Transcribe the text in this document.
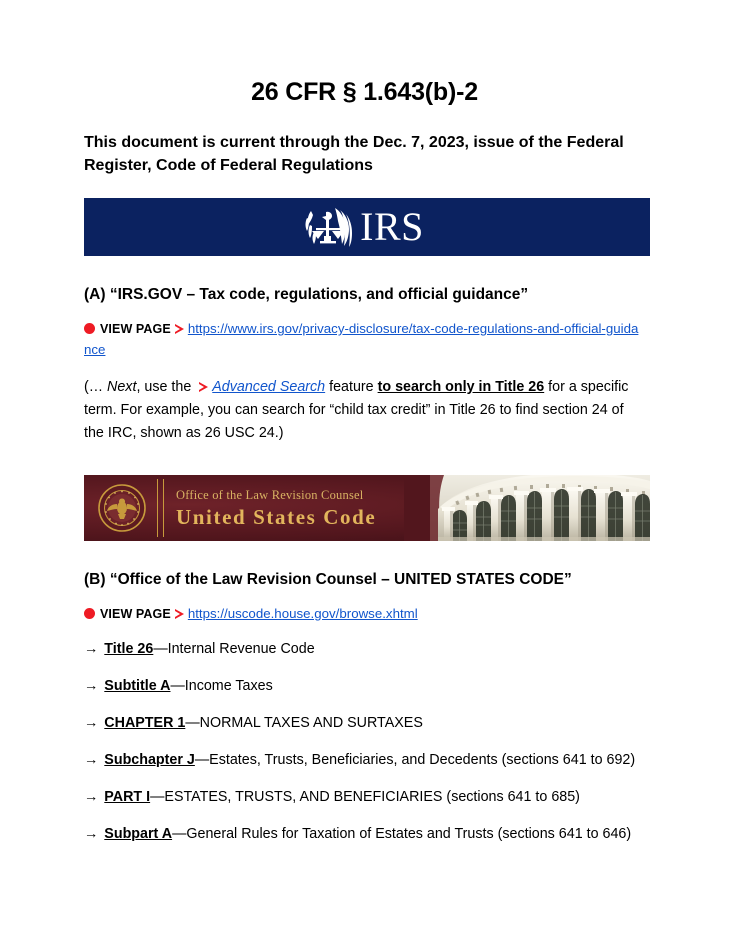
26 CFR § 1.643(b)-2

This document is current through the Dec. 7, 2023, issue of the Federal Register, Code of Federal Regulations

IRS
(A) “IRS.GOV – Tax code, regulations, and official guidance”

VIEW PAGE https://www.irs.gov/privacy-disclosure/tax-code-regulations-and-official-guidance

(… Next, use the Advanced Search feature to search only in Title 26 for a specific term. For example, you can search for “child tax credit” in Title 26 to find section 24 of the IRC, shown as 26 USC 24.)

Office of the Law Revision Counsel
United States Code
(B) “Office of the Law Revision Counsel – UNITED STATES CODE”

VIEW PAGE https://uscode.house.gov/browse.xhtml

→ Title 26—Internal Revenue Code

→ Subtitle A—Income Taxes

→ CHAPTER 1—NORMAL TAXES AND SURTAXES

→ Subchapter J—Estates, Trusts, Beneficiaries, and Decedents (sections 641 to 692)

→ PART I—ESTATES, TRUSTS, AND BENEFICIARIES (sections 641 to 685)

→ Subpart A—General Rules for Taxation of Estates and Trusts (sections 641 to 646)
